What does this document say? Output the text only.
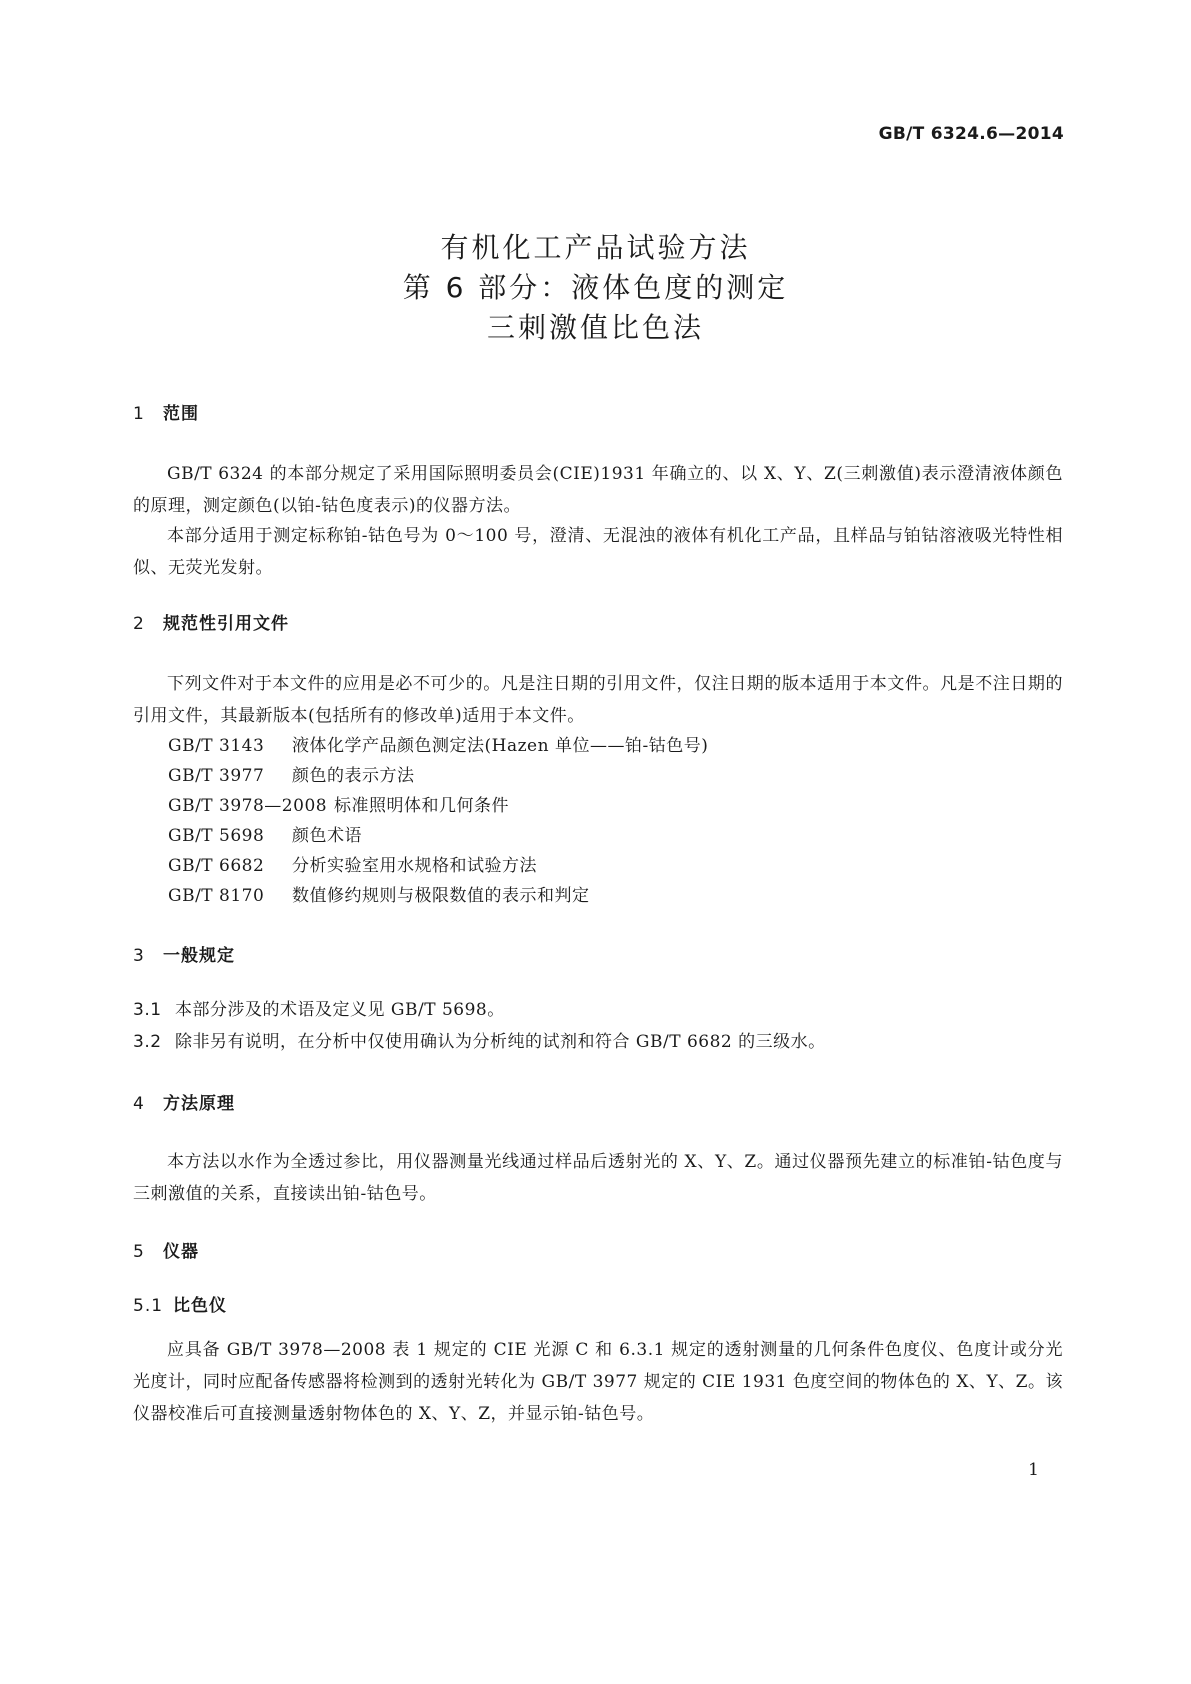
GB/T 6324.6—2014
有机化工产品试验方法
第 6 部分：液体色度的测定
三刺激值比色法
1 范围
GB/T 6324 的本部分规定了采用国际照明委员会(CIE)1931 年确立的、以 X、Y、Z(三刺激值)表示澄清液体颜色的原理，测定颜色(以铂-钴色度表示)的仪器方法。
本部分适用于测定标称铂-钴色号为 0～100 号，澄清、无混浊的液体有机化工产品，且样品与铂钴溶液吸光特性相似、无荧光发射。
2 规范性引用文件
下列文件对于本文件的应用是必不可少的。凡是注日期的引用文件，仅注日期的版本适用于本文件。凡是不注日期的引用文件，其最新版本(包括所有的修改单)适用于本文件。
GB/T 3143 液体化学产品颜色测定法(Hazen 单位——铂-钴色号)
GB/T 3977 颜色的表示方法
GB/T 3978—2008 标准照明体和几何条件
GB/T 5698 颜色术语
GB/T 6682 分析实验室用水规格和试验方法
GB/T 8170 数值修约规则与极限数值的表示和判定
3 一般规定
3.1 本部分涉及的术语及定义见 GB/T 5698。
3.2 除非另有说明，在分析中仅使用确认为分析纯的试剂和符合 GB/T 6682 的三级水。
4 方法原理
本方法以水作为全透过参比，用仪器测量光线通过样品后透射光的 X、Y、Z。通过仪器预先建立的标准铂-钴色度与三刺激值的关系，直接读出铂-钴色号。
5 仪器
5.1 比色仪
应具备 GB/T 3978—2008 表 1 规定的 CIE 光源 C 和 6.3.1 规定的透射测量的几何条件色度仪、色度计或分光光度计，同时应配备传感器将检测到的透射光转化为 GB/T 3977 规定的 CIE 1931 色度空间的物体色的 X、Y、Z。该仪器校准后可直接测量透射物体色的 X、Y、Z，并显示铂-钴色号。
1
